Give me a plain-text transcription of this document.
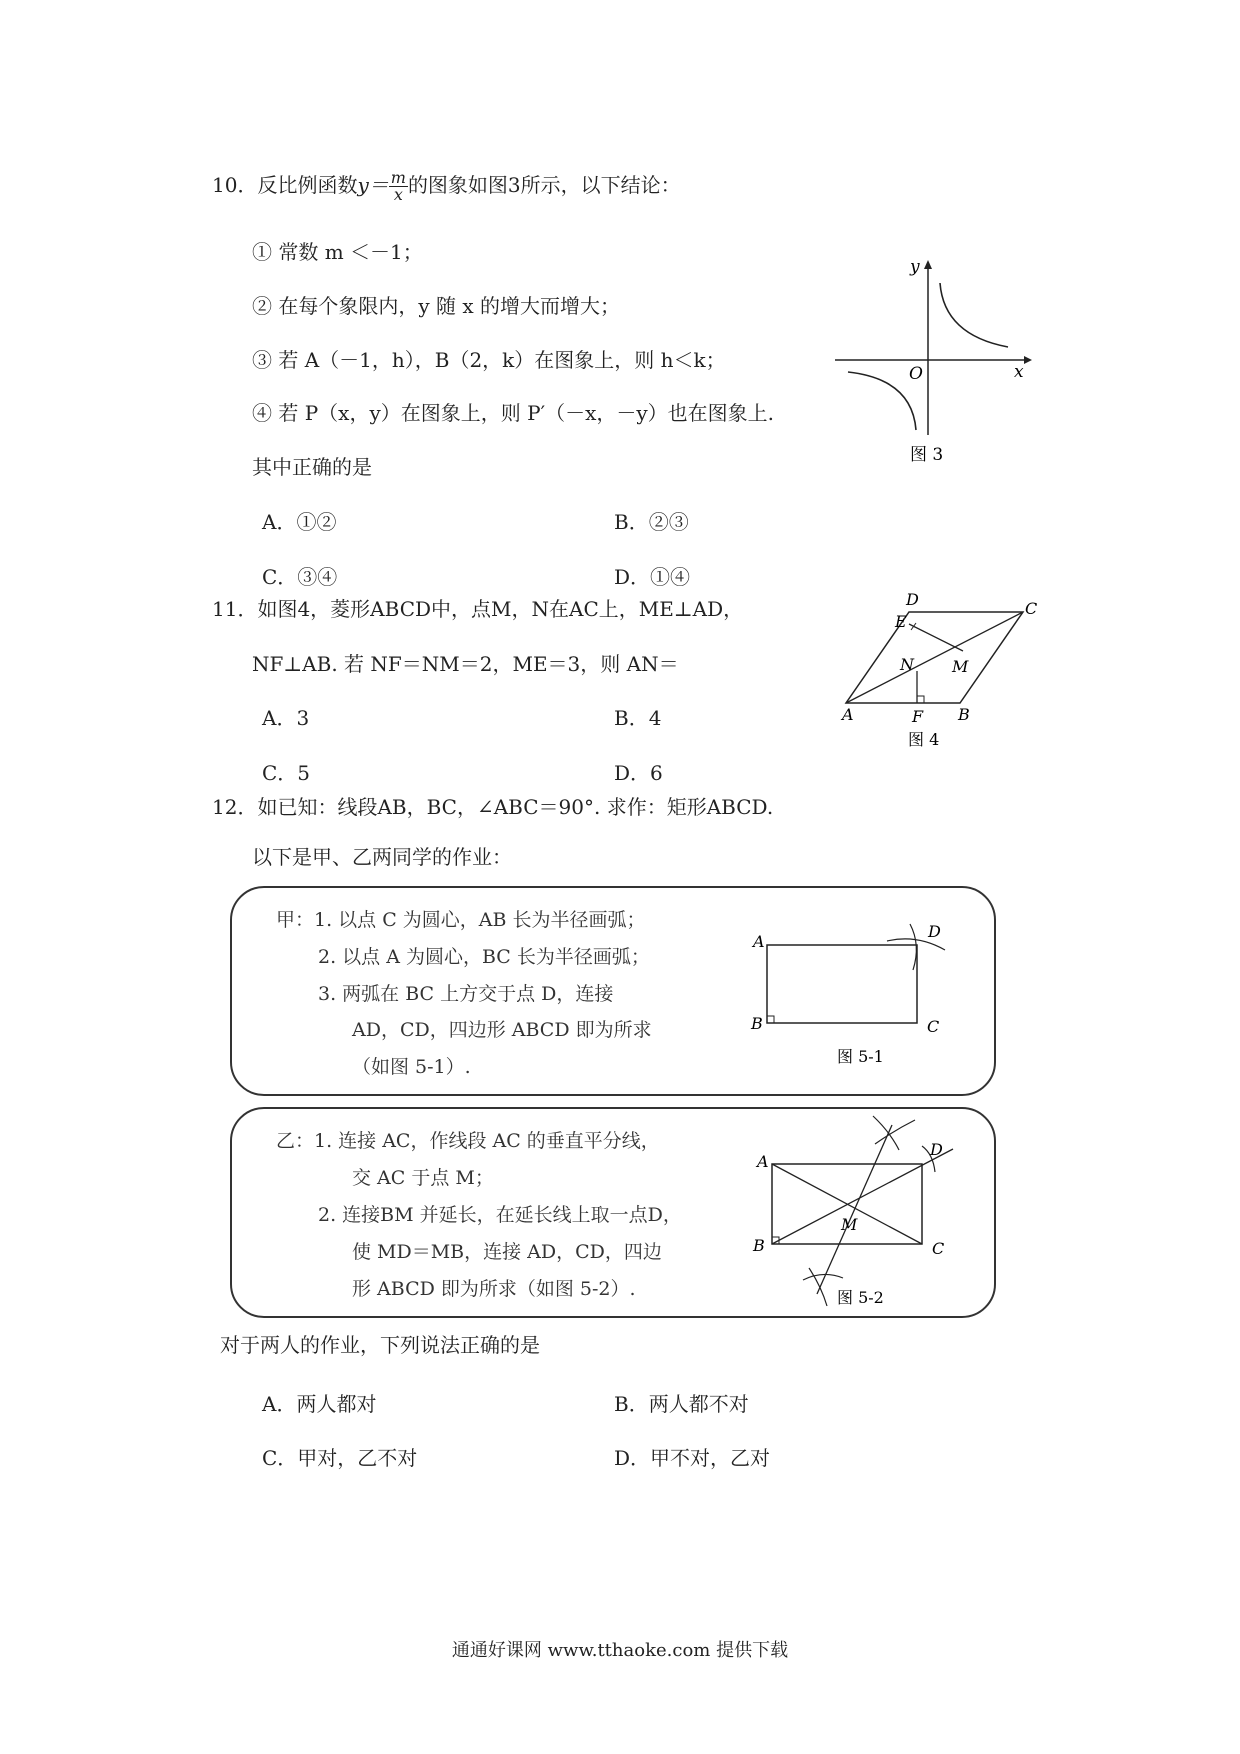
10．反比例函数$y= \frac{m}{x}$ 的图象如图3所示，以下结论：
① 常数 m ＜－1；
② 在每个象限内，y 随 x 的增大而增大；
③ 若 A（－1，h），B（2，k）在图象上，则 h＜k；
④ 若 P（x，y）在图象上，则 P′（－x，－y）也在图象上.
其中正确的是
A．①②	B．②③
C．③④	D．①④
y
x
O
图 3
11．如图4，菱形ABCD中，点M，N在AC上，ME⊥AD，
NF⊥AB. 若 NF＝NM＝2，ME＝3，则 AN＝
A．3	B．4
C．5	D．6
A	B
C
D
E
F
M
N
图 4
12．如已知：线段AB，BC，∠ABC＝90°. 求作：矩形ABCD.
以下是甲、乙两同学的作业：
甲：1. 以点 C 为圆心，AB 长为半径画弧；
2. 以点 A 为圆心，BC 长为半径画弧；
3. 两弧在 BC 上方交于点 D，连接
AD，CD，四边形 ABCD 即为所求
（如图 5-1）.
A
B	C
D
图 5-1
乙：1. 连接 AC，作线段 AC 的垂直平分线，
交 AC 于点 M；
2. 连接BM 并延长，在延长线上取一点D，
使 MD＝MB，连接 AD，CD，四边
形 ABCD 即为所求（如图 5-2）.
A
B	C
D
M
图 5-2
对于两人的作业，下列说法正确的是
A．两人都对	B．两人都不对
C．甲对，乙不对	D．甲不对，乙对
通通好课网 www.tthaoke.com 提供下载
